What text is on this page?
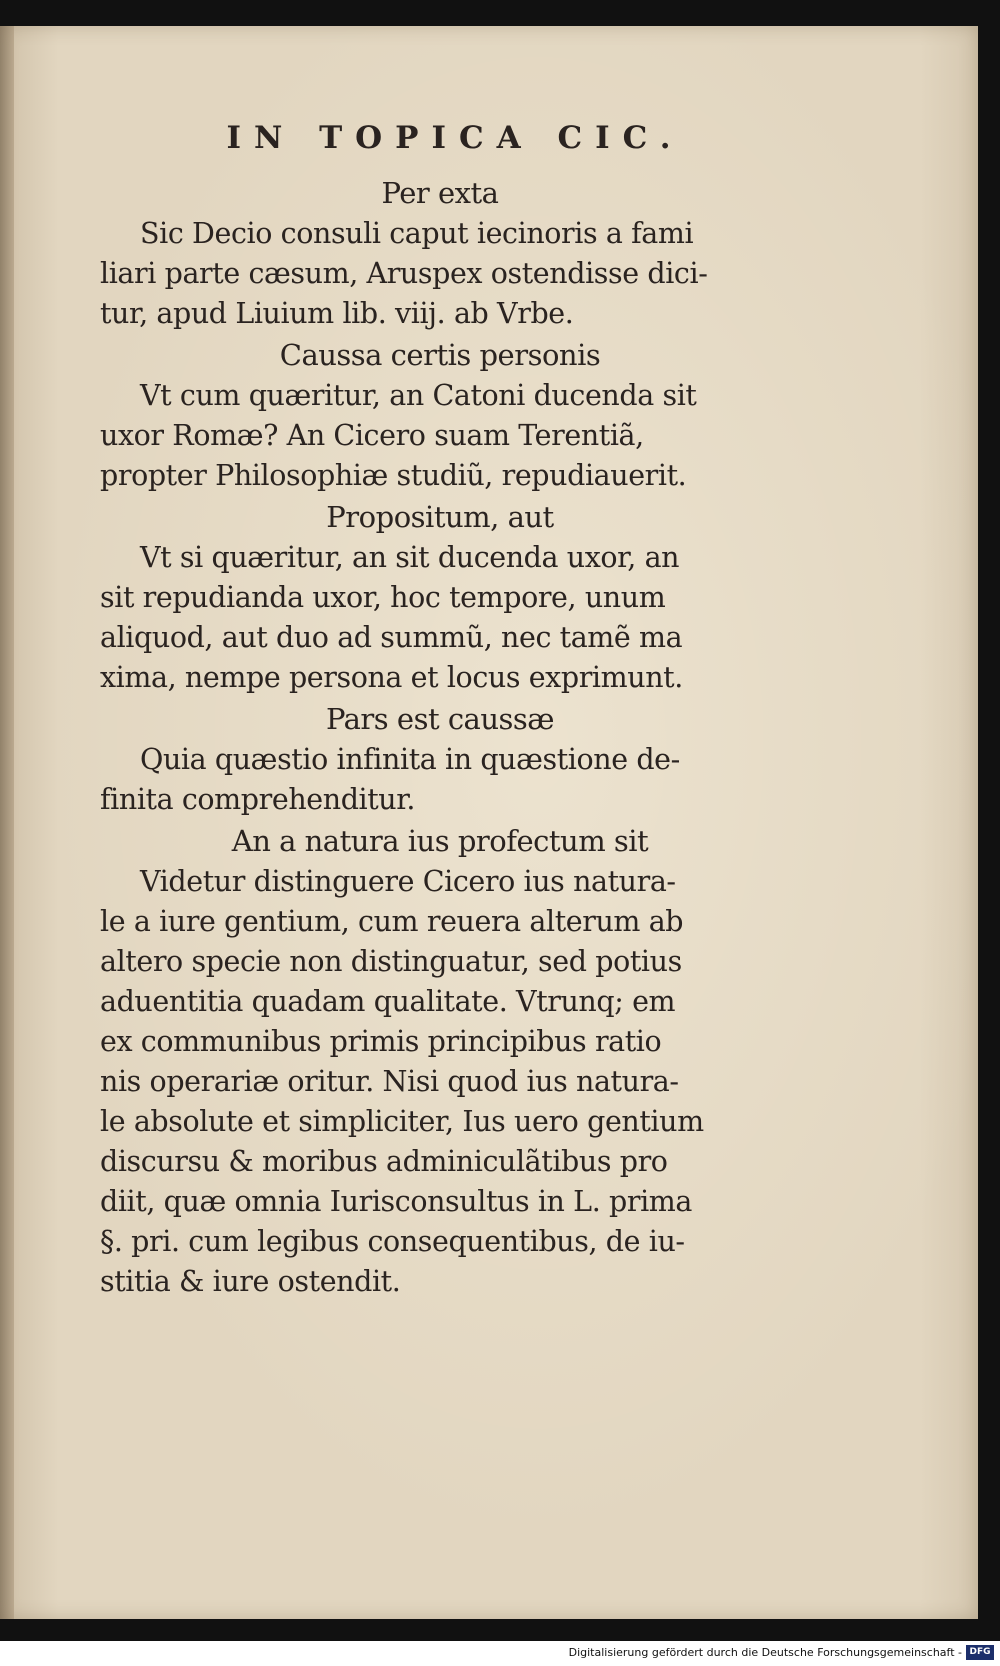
IN TOPICA CIC.
Per exta
Sic Decio consuli caput iecinoris a fami
liari parte cæsum, Aruspex ostendisse dici-
tur, apud Liuium lib. viij. ab Vrbe.
Caussa certis personis
Vt cum quæritur, an Catoni ducenda sit
uxor Romæ? An Cicero suam Terentiã,
propter Philosophiæ studiũ, repudiauerit.
Propositum, aut
Vt si quæritur, an sit ducenda uxor, an
sit repudianda uxor, hoc tempore, unum
aliquod, aut duo ad summũ, nec tamẽ ma
xima, nempe persona et locus exprimunt.
Pars est caussæ
Quia quæstio infinita in quæstione de-
finita comprehenditur.
An a natura ius profectum sit
Videtur distinguere Cicero ius natura-
le a iure gentium, cum reuera alterum ab
altero specie non distinguatur, sed potius
aduentitia quadam qualitate. Vtrunq; em
ex communibus primis principibus ratio
nis operariæ oritur. Nisi quod ius natura-
le absolute et simpliciter, Ius uero gentium
discursu & moribus adminiculãtibus pro
diit, quæ omnia Iurisconsultus in L. prima
§. pri. cum legibus consequentibus, de iu-
stitia & iure ostendit.
Digitalisierung gefördert durch die Deutsche Forschungsgemeinschaft - DFG
